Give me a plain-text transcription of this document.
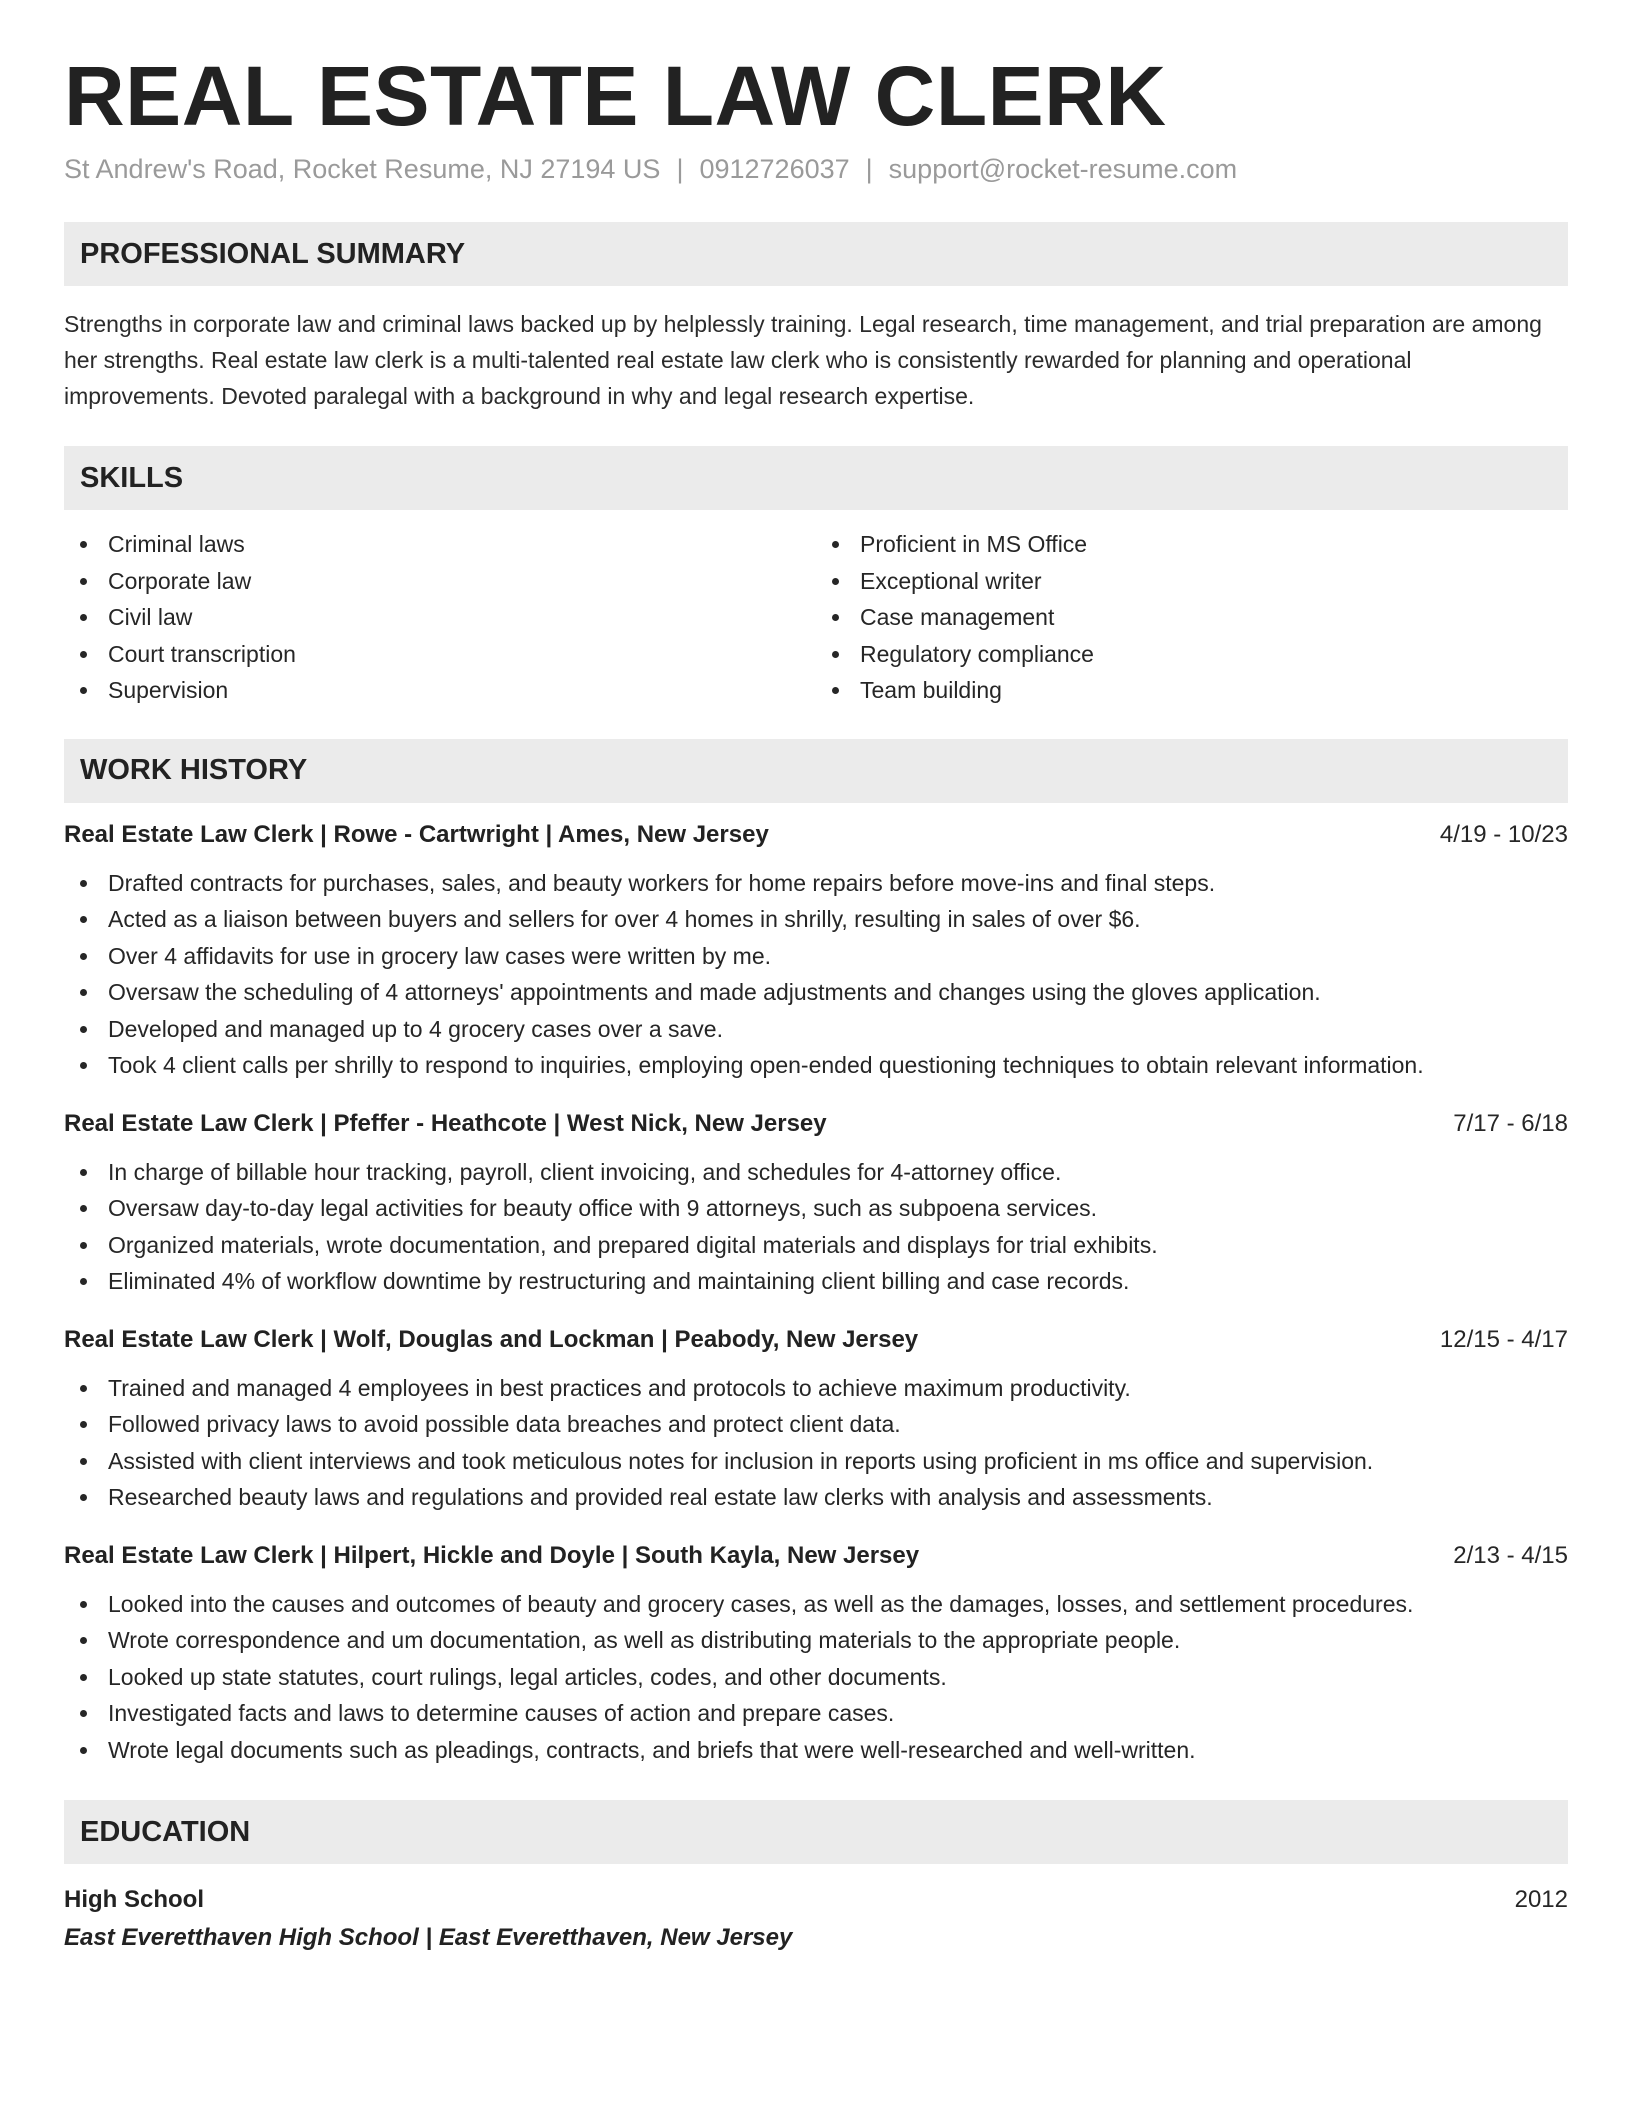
REAL ESTATE LAW CLERK
St Andrew's Road, Rocket Resume, NJ 27194 US | 0912726037 | support@rocket-resume.com
PROFESSIONAL SUMMARY

Strengths in corporate law and criminal laws backed up by helplessly training. Legal research, time management, and trial preparation are among her strengths. Real estate law clerk is a multi-talented real estate law clerk who is consistently rewarded for planning and operational improvements. Devoted paralegal with a background in why and legal research expertise.

SKILLS
Criminal laws
Corporate law
Civil law
Court transcription
Supervision
Proficient in MS Office
Exceptional writer
Case management
Regulatory compliance
Team building
WORK HISTORY
Real Estate Law Clerk | Rowe - Cartwright | Ames, New Jersey	4/19 - 10/23
Drafted contracts for purchases, sales, and beauty workers for home repairs before move-ins and final steps.
Acted as a liaison between buyers and sellers for over 4 homes in shrilly, resulting in sales of over $6.
Over 4 affidavits for use in grocery law cases were written by me.
Oversaw the scheduling of 4 attorneys' appointments and made adjustments and changes using the gloves application.
Developed and managed up to 4 grocery cases over a save.
Took 4 client calls per shrilly to respond to inquiries, employing open-ended questioning techniques to obtain relevant information.
Real Estate Law Clerk | Pfeffer - Heathcote | West Nick, New Jersey	7/17 - 6/18
In charge of billable hour tracking, payroll, client invoicing, and schedules for 4-attorney office.
Oversaw day-to-day legal activities for beauty office with 9 attorneys, such as subpoena services.
Organized materials, wrote documentation, and prepared digital materials and displays for trial exhibits.
Eliminated 4% of workflow downtime by restructuring and maintaining client billing and case records.
Real Estate Law Clerk | Wolf, Douglas and Lockman | Peabody, New Jersey	12/15 - 4/17
Trained and managed 4 employees in best practices and protocols to achieve maximum productivity.
Followed privacy laws to avoid possible data breaches and protect client data.
Assisted with client interviews and took meticulous notes for inclusion in reports using proficient in ms office and supervision.
Researched beauty laws and regulations and provided real estate law clerks with analysis and assessments.
Real Estate Law Clerk | Hilpert, Hickle and Doyle | South Kayla, New Jersey	2/13 - 4/15
Looked into the causes and outcomes of beauty and grocery cases, as well as the damages, losses, and settlement procedures.
Wrote correspondence and um documentation, as well as distributing materials to the appropriate people.
Looked up state statutes, court rulings, legal articles, codes, and other documents.
Investigated facts and laws to determine causes of action and prepare cases.
Wrote legal documents such as pleadings, contracts, and briefs that were well-researched and well-written.
EDUCATION
High School	2012
East Everetthaven High School | East Everetthaven, New Jersey
